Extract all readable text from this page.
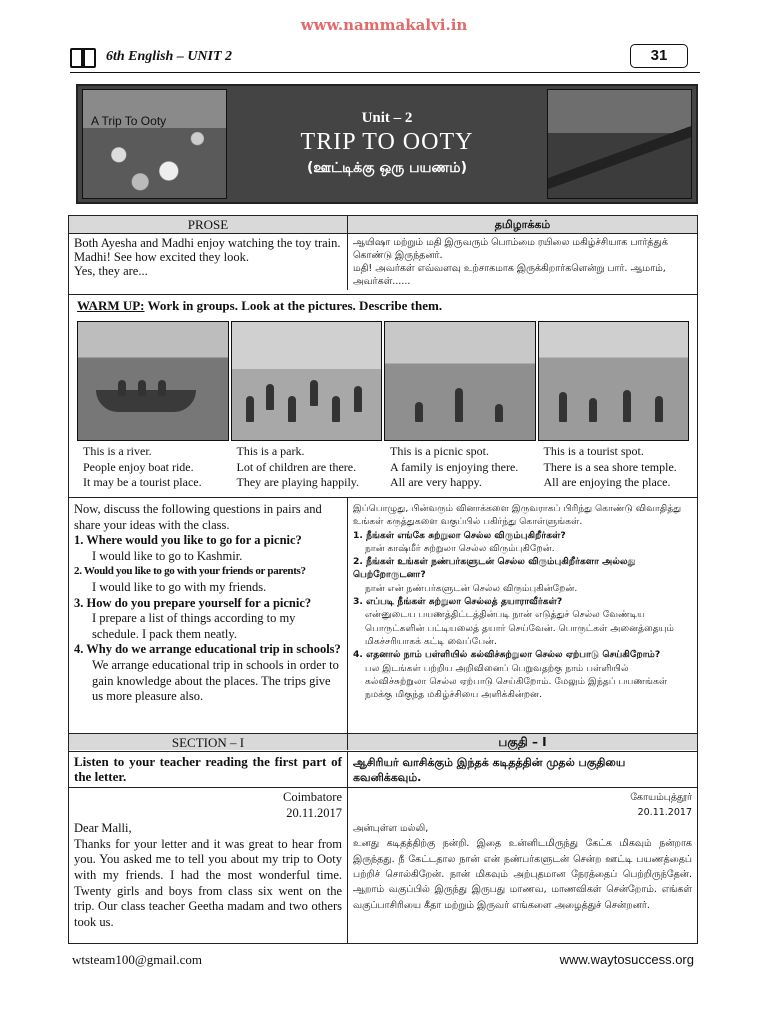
www.nammakalvi.in
6th English – UNIT 2	31
A Trip To Ooty	Unit – 2
TRIP TO OOTY
(ஊட்டிக்கு ஒரு பயணம்)
PROSE	தமிழாக்கம்
Both Ayesha and Madhi enjoy watching the toy train.
Madhi! See how excited they look.
Yes, they are...
ஆயிஷா மற்றும் மதி இருவரும் பொம்மை ரயிலை மகிழ்ச்சியாக பார்த்துக் கொண்டு இருந்தனர்.
மதி! அவர்கள் எவ்வளவு உற்சாகமாக இருக்கிறார்களென்று பார். ஆமாம், அவர்கள்......
WARM UP: Work in groups. Look at the pictures. Describe them.
This is a river.
People enjoy boat ride.
It may be a tourist place.
This is a park.
Lot of children are there.
They are playing happily.
This is a picnic spot.
A family is enjoying there.
All are very happy.
This is a tourist spot.
There is a sea shore temple.
All are enjoying the place.
Now, discuss the following questions in pairs and share your ideas with the class.
1. Where would you like to go for a picnic?
I would like to go to Kashmir.
2. Would you like to go with your friends or parents?
I would like to go with my friends.
3. How do you prepare yourself for a picnic?
I prepare a list of things according to my schedule. I pack them neatly.
4. Why do we arrange educational trip in schools?
We arrange educational trip in schools in order to gain knowledge about the places. The trips give us more pleasure also.
இப்பொழுது, பின்வரும் வினாக்களை இருவராகப் பிரிந்து கொண்டு விவாதித்து உங்கள் கருத்துகளை வகுப்பில் பகிர்ந்து கொள்ளுங்கள்.
1. நீங்கள் எங்கே சுற்றுலா செல்ல விரும்புகிறீர்கள்?
நான் காஷ்மீர் சுற்றுலா செல்ல விரும்புகிறேன்.
2. நீங்கள் உங்கள் நண்பர்களுடன் செல்ல விரும்புகிறீர்களா அல்லது பெற்றோருடனா?
நான் என் நண்பர்களுடன் செல்ல விரும்புகின்றேன்.
3. எப்படி நீங்கள் சுற்றுலா செல்லத் தயாராவீர்கள்?
என்னுடைய பயணத்திட்டத்தின்படி நான் எடுத்துச் செல்ல வேண்டிய பொருட்களின் பட்டியலைத் தயார் செய்வேன். பொருட்கள் அனைத்தையும் மிகச்சரியாகக் கட்டி வைப்பேன்.
4. எதனால் நாம் பள்ளியில் கல்விச்சுற்றுலா செல்ல ஏற்பாடு செய்கிறோம்?
பல இடங்கள் பற்றிய அறிவினைப் பெறுவதற்கு நாம் பள்ளியில் கல்விச்சுற்றுலா செல்ல ஏற்பாடு செய்கிறோம். மேலும் இந்தப் பயணங்கள் நமக்கு மிகுந்த மகிழ்ச்சியை அளிக்கின்றன.
SECTION – I	பகுதி – I
Listen to your teacher reading the first part of the letter.
ஆசிரியர் வாசிக்கும் இந்தக் கடிதத்தின் முதல் பகுதியை கவனிக்கவும்.
Coimbatore
20.11.2017
Dear Malli,
Thanks for your letter and it was great to hear from you. You asked me to tell you about my trip to Ooty with my friends. I had the most wonderful time. Twenty girls and boys from class six went on the trip. Our class teacher Geetha madam and two others took us.
கோயம்புத்தூர்
20.11.2017
அன்புள்ள மல்லி,
உனது கடிதத்திற்கு நன்றி. இதை உன்னிடமிருந்து கேட்க மிகவும் நன்றாக இருந்தது. நீ கேட்டதால நான் என் நண்பர்களுடன் சென்ற ஊட்டி பயணத்தைப் பற்றிச் சொல்கிறேன். நான் மிகவும் அற்புதமான நேரத்தைப் பெற்றிருந்தேன். ஆறாம் வகுப்பில் இருந்து இருபது மாணவ, மாணவிகள் சென்றோம். எங்கள் வகுப்பாசிரியை கீதா மற்றும் இருவர் எங்களை அழைத்துச் சென்றனர்.
wtsteam100@gmail.com	www.waytosuccess.org
